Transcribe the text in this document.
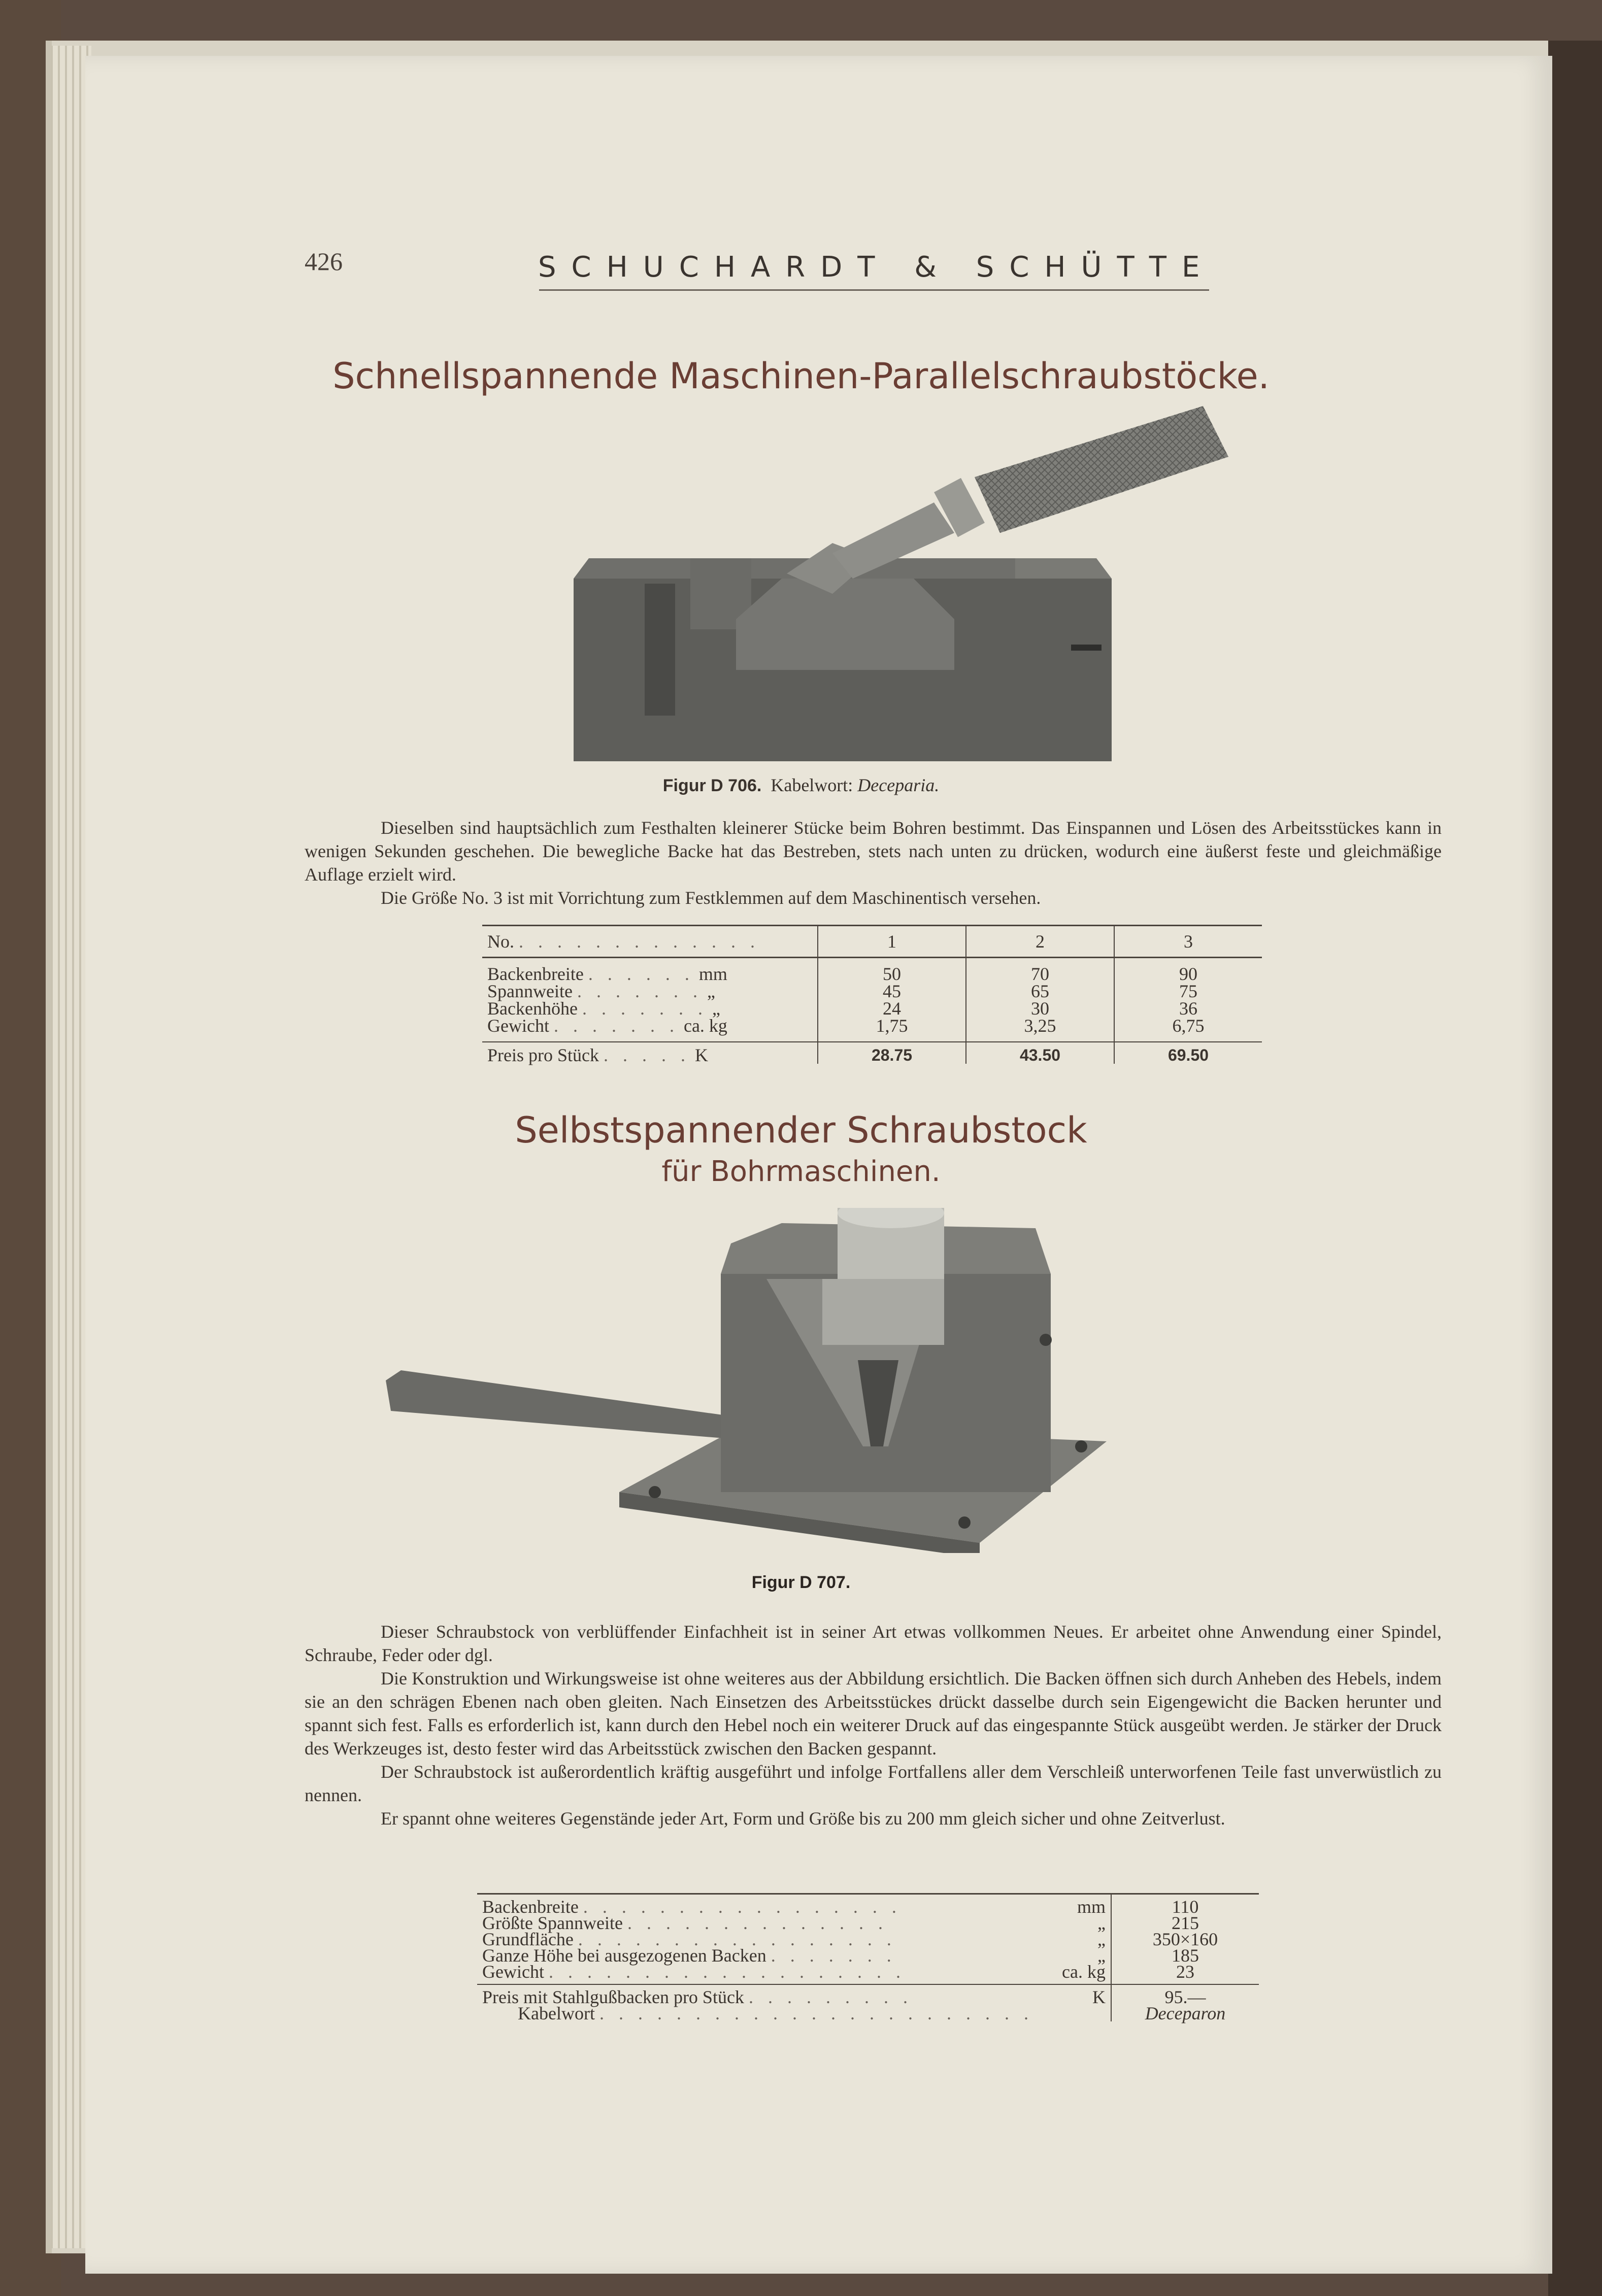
426	SCHUCHARDT & SCHÜTTE
Schnellspannende Maschinen-Parallelschraubstöcke.
Figur D 706. Kabelwort: Deceparia.

Dieselben sind hauptsächlich zum Festhalten kleinerer Stücke beim Bohren bestimmt. Das Einspannen und Lösen des Arbeitsstückes kann in wenigen Sekunden geschehen. Die bewegliche Backe hat das Bestreben, stets nach unten zu drücken, wodurch eine äußerst feste und gleichmäßige Auflage erzielt wird.

Die Größe No. 3 ist mit Vorrichtung zum Festklemmen auf dem Maschinentisch versehen.

No. . . . . . . . . . . . . .	1	2	3
Backenbreite . . . . . . mm	50	70	90
Spannweite . . . . . . . „	45	65	75
Backenhöhe . . . . . . . „	24	30	36
Gewicht . . . . . . . ca. kg	1,75	3,25	6,75
Preis pro Stück . . . . . K	28.75	43.50	69.50
Selbstspannender Schraubstock
für Bohrmaschinen.
Figur D 707.

Dieser Schraubstock von verblüffender Einfachheit ist in seiner Art etwas vollkommen Neues. Er arbeitet ohne Anwendung einer Spindel, Schraube, Feder oder dgl.

Die Konstruktion und Wirkungsweise ist ohne weiteres aus der Abbildung ersichtlich. Die Backen öffnen sich durch Anheben des Hebels, indem sie an den schrägen Ebenen nach oben gleiten. Nach Einsetzen des Arbeitsstückes drückt dasselbe durch sein Eigengewicht die Backen herunter und spannt sich fest. Falls es erforderlich ist, kann durch den Hebel noch ein weiterer Druck auf das eingespannte Stück ausgeübt werden. Je stärker der Druck des Werkzeuges ist, desto fester wird das Arbeitsstück zwischen den Backen gespannt.

Der Schraubstock ist außerordentlich kräftig ausgeführt und infolge Fortfallens aller dem Verschleiß unterworfenen Teile fast unverwüstlich zu nennen.

Er spannt ohne weiteres Gegenstände jeder Art, Form und Größe bis zu 200 mm gleich sicher und ohne Zeitverlust.

Backenbreite . . . . . . . . . . . . . . . . .	mm	110
Größte Spannweite . . . . . . . . . . . . . .	„	215
Grundfläche . . . . . . . . . . . . . . . . .	„	350×160
Ganze Höhe bei ausgezogenen Backen . . . . . . .	„	185
Gewicht . . . . . . . . . . . . . . . . . . .	ca. kg	23
Preis mit Stahlgußbacken pro Stück . . . . . . . . .	K	95.—
Kabelwort . . . . . . . . . . . . . . . . . . . . . . .		Deceparon
